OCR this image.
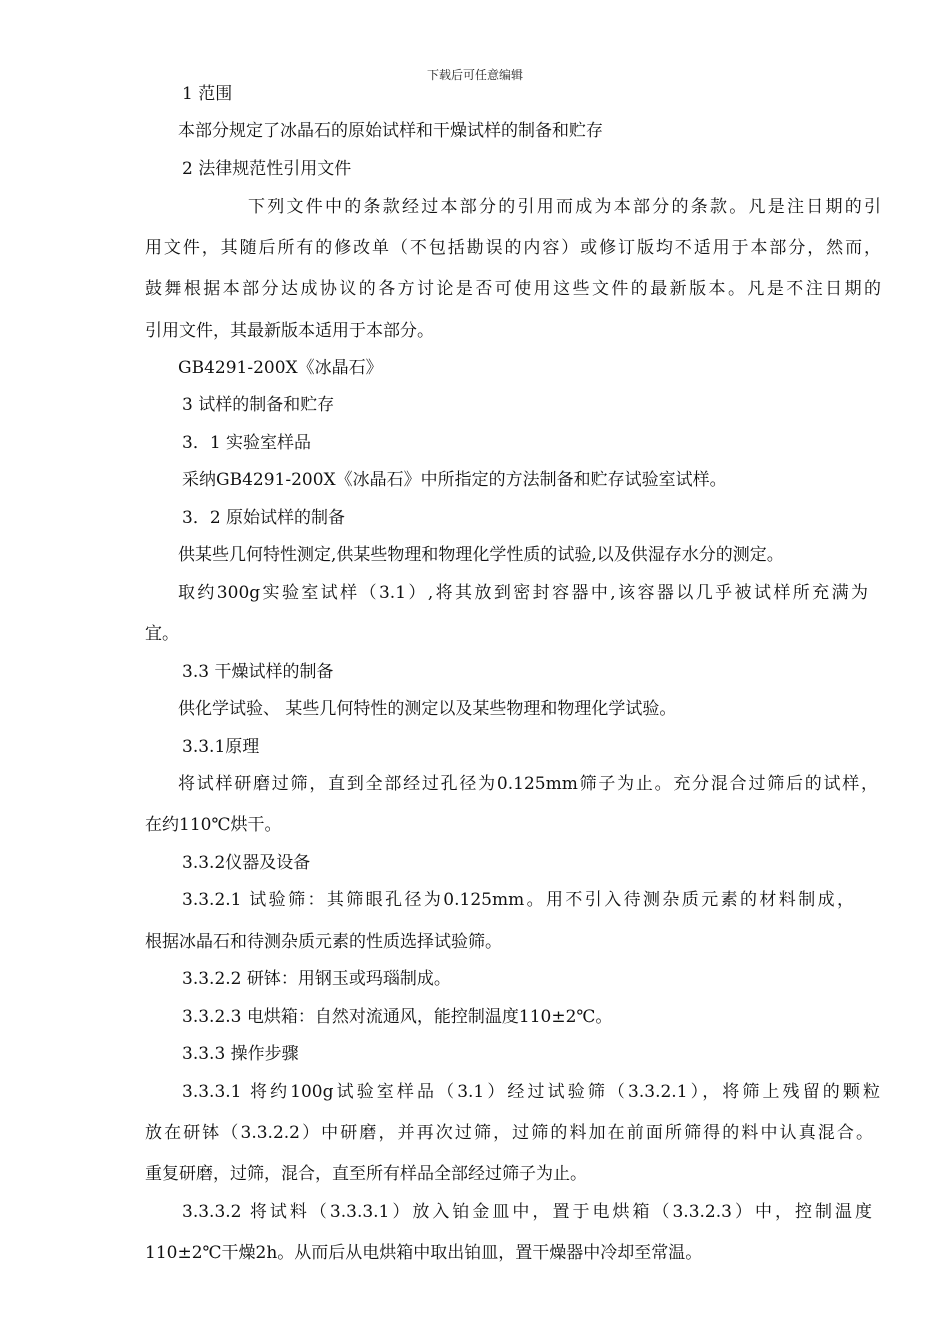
下载后可任意编辑
1 范围
本部分规定了冰晶石的原始试样和干燥试样的制备和贮存
2 法律规范性引用文件
下列文件中的条款经过本部分的引用而成为本部分的条款。凡是注日期的引
用文件，其随后所有的修改单（不包括勘误的内容）或修订版均不适用于本部分，然而，
鼓舞根据本部分达成协议的各方讨论是否可使用这些文件的最新版本。凡是不注日期的
引用文件，其最新版本适用于本部分。
GB4291-200X《冰晶石》
3 试样的制备和贮存
3．1 实验室样品
采纳GB4291-200X《冰晶石》中所指定的方法制备和贮存试验室试样。
3．2 原始试样的制备
供某些几何特性测定,供某些物理和物理化学性质的试验,以及供湿存水分的测定。
取约300g实验室试样（3.1）,将其放到密封容器中,该容器以几乎被试样所充满为
宜。
3.3 干燥试样的制备
供化学试验、 某些几何特性的测定以及某些物理和物理化学试验。
3.3.1原理
将试样研磨过筛，直到全部经过孔径为0.125mm筛子为止。充分混合过筛后的试样，
在约110℃烘干。
3.3.2仪器及设备
3.3.2.1 试验筛：其筛眼孔径为0.125mm。用不引入待测杂质元素的材料制成，
根据冰晶石和待测杂质元素的性质选择试验筛。
3.3.2.2 研钵：用钢玉或玛瑙制成。
3.3.2.3 电烘箱：自然对流通风，能控制温度110±2℃。
3.3.3 操作步骤
3.3.3.1 将约100g试验室样品（3.1）经过试验筛（3.3.2.1），将筛上残留的颗粒
放在研钵（3.3.2.2）中研磨，并再次过筛，过筛的料加在前面所筛得的料中认真混合。
重复研磨，过筛，混合，直至所有样品全部经过筛子为止。
3.3.3.2 将试料（3.3.3.1）放入铂金皿中，置于电烘箱（3.3.2.3）中，控制温度
110±2℃干燥2h。从而后从电烘箱中取出铂皿，置干燥器中冷却至常温。
